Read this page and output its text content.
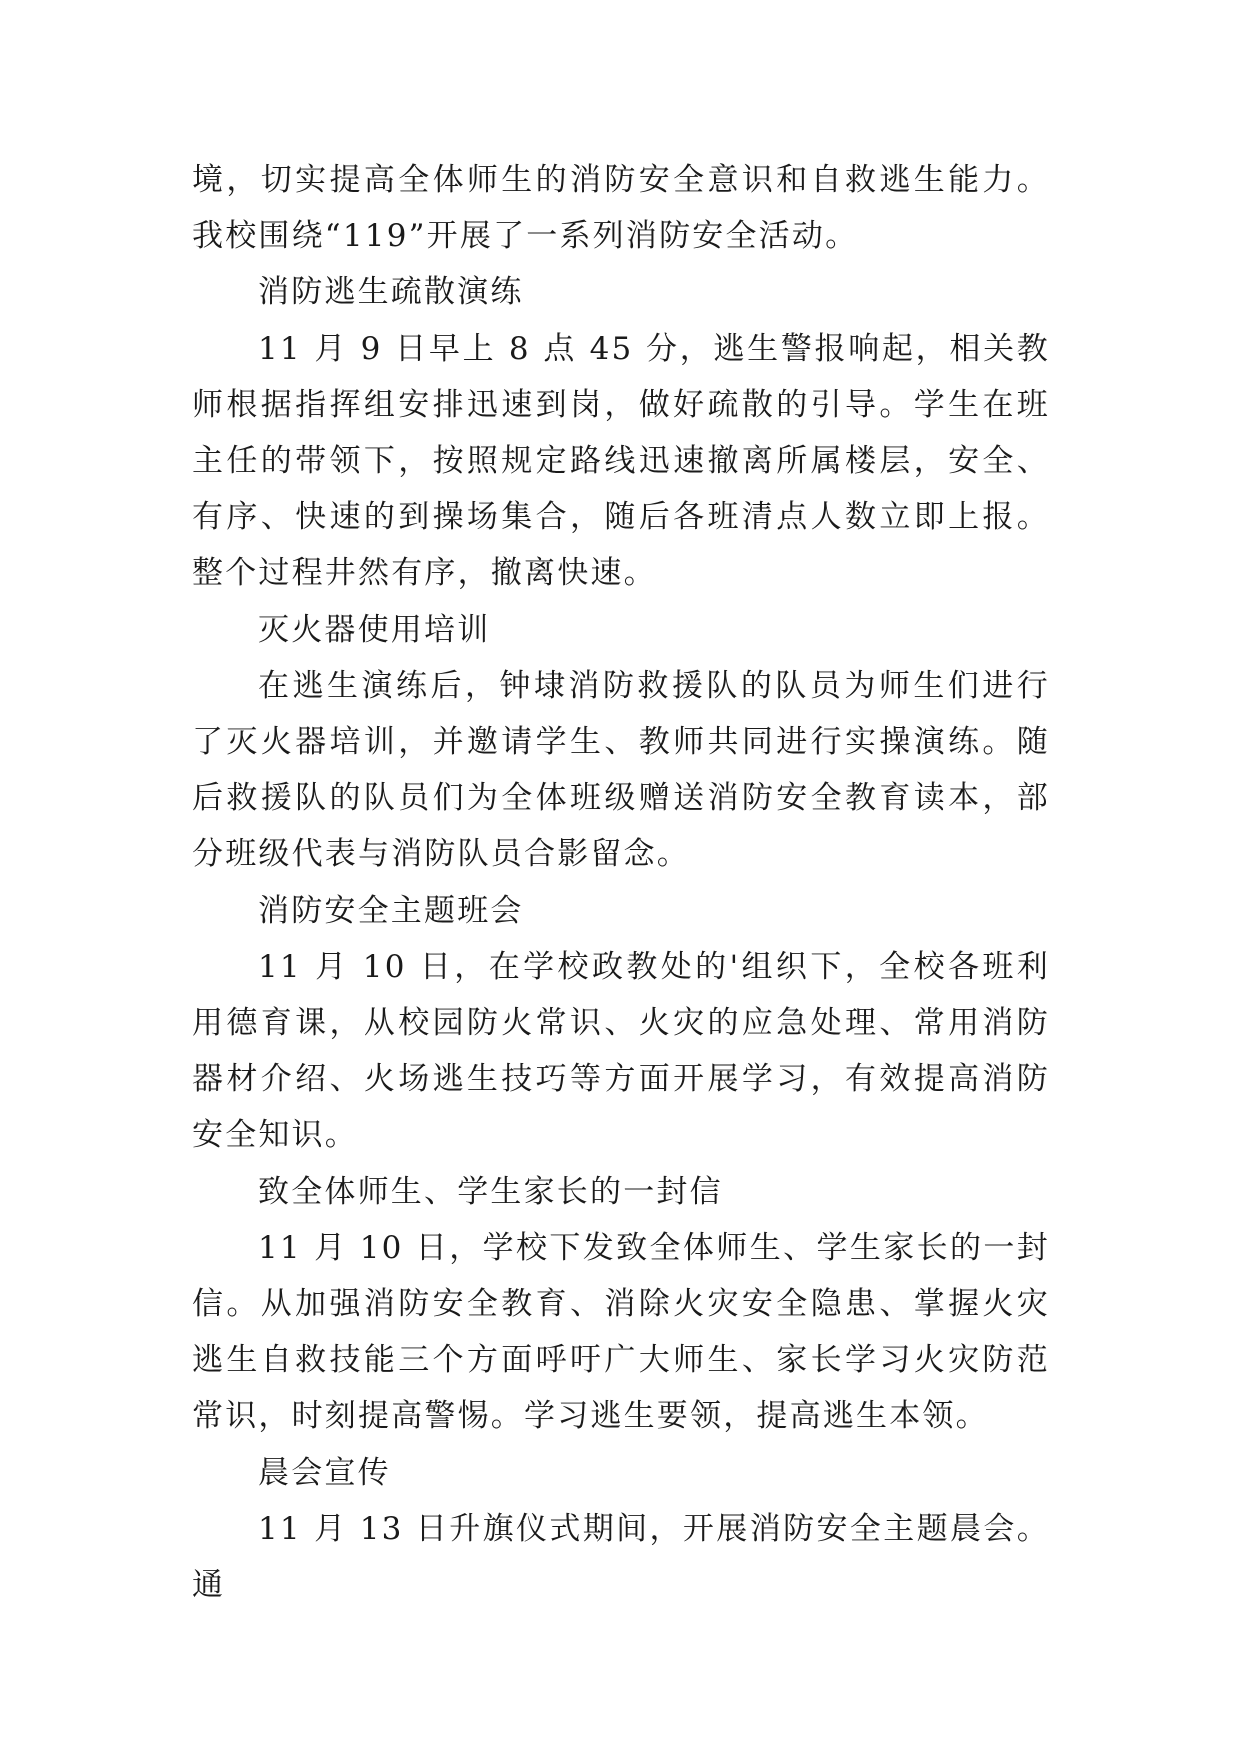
境，切实提高全体师生的消防安全意识和自救逃生能力。我校围绕“119”开展了一系列消防安全活动。

消防逃生疏散演练

11 月 9 日早上 8 点 45 分，逃生警报响起，相关教师根据指挥组安排迅速到岗，做好疏散的引导。学生在班主任的带领下，按照规定路线迅速撤离所属楼层，安全、有序、快速的到操场集合，随后各班清点人数立即上报。整个过程井然有序，撤离快速。

灭火器使用培训

在逃生演练后，钟埭消防救援队的队员为师生们进行了灭火器培训，并邀请学生、教师共同进行实操演练。随后救援队的队员们为全体班级赠送消防安全教育读本，部分班级代表与消防队员合影留念。

消防安全主题班会

11 月 10 日，在学校政教处的'组织下，全校各班利用德育课，从校园防火常识、火灾的应急处理、常用消防器材介绍、火场逃生技巧等方面开展学习，有效提高消防安全知识。

致全体师生、学生家长的一封信

11 月 10 日，学校下发致全体师生、学生家长的一封信。从加强消防安全教育、消除火灾安全隐患、掌握火灾逃生自救技能三个方面呼吁广大师生、家长学习火灾防范常识，时刻提高警惕。学习逃生要领，提高逃生本领。

晨会宣传

11 月 13 日升旗仪式期间，开展消防安全主题晨会。通
